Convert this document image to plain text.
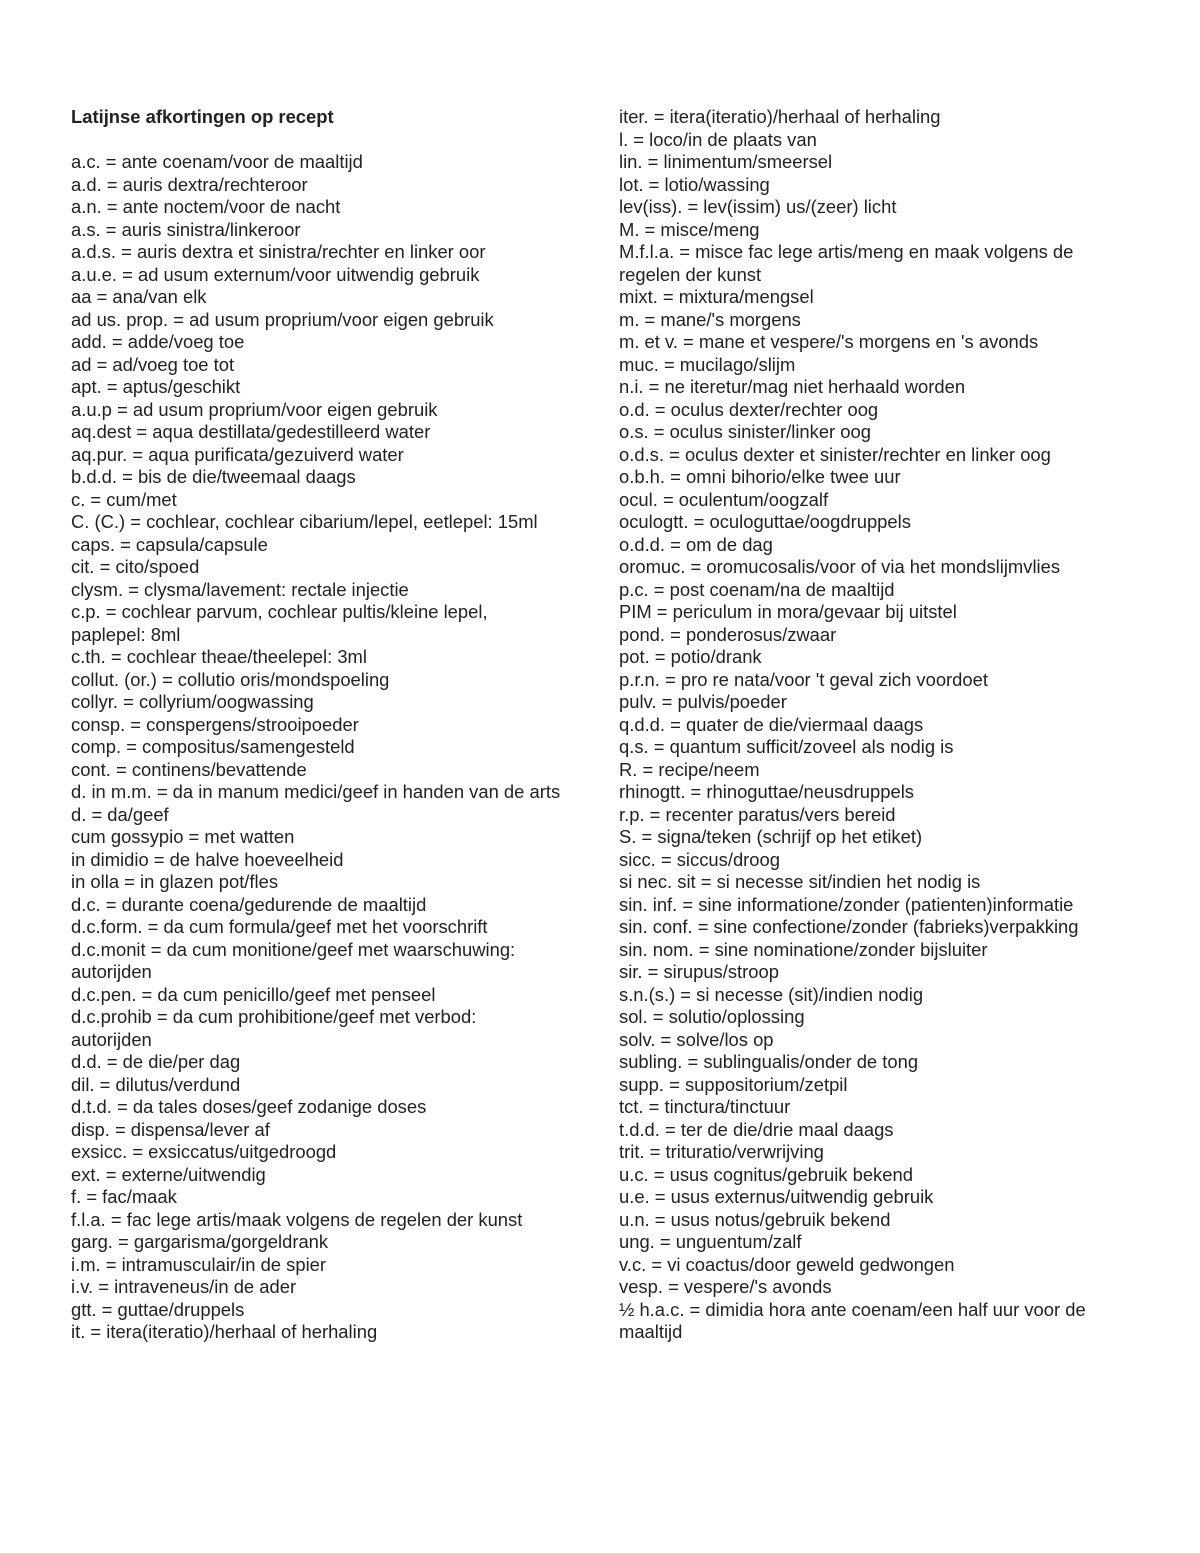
Latijnse afkortingen op recept

a.c. = ante coenam/voor de maaltijd

a.d. = auris dextra/rechteroor

a.n. = ante noctem/voor de nacht

a.s. = auris sinistra/linkeroor

a.d.s. = auris dextra et sinistra/rechter en linker oor

a.u.e. = ad usum externum/voor uitwendig gebruik

aa = ana/van elk

ad us. prop. = ad usum proprium/voor eigen gebruik

add. = adde/voeg toe

ad = ad/voeg toe tot

apt. = aptus/geschikt

a.u.p = ad usum proprium/voor eigen gebruik

aq.dest = aqua destillata/gedestilleerd water

aq.pur. = aqua purificata/gezuiverd water

b.d.d. = bis de die/tweemaal daags

c. = cum/met

C. (C.) = cochlear, cochlear cibarium/lepel, eetlepel: 15ml

caps. = capsula/capsule

cit. = cito/spoed

clysm. = clysma/lavement: rectale injectie

c.p. = cochlear parvum, cochlear pultis/kleine lepel, paplepel: 8ml

c.th. = cochlear theae/theelepel: 3ml

collut. (or.) = collutio oris/mondspoeling

collyr. = collyrium/oogwassing

consp. = conspergens/strooipoeder

comp. = compositus/samengesteld

cont. = continens/bevattende

d. in m.m. = da in manum medici/geef in handen van de arts

d. = da/geef

cum gossypio = met watten

in dimidio = de halve hoeveelheid

in olla = in glazen pot/fles

d.c. = durante coena/gedurende de maaltijd

d.c.form. = da cum formula/geef met het voorschrift

d.c.monit = da cum monitione/geef met waarschuwing: autorijden

d.c.pen. = da cum penicillo/geef met penseel

d.c.prohib = da cum prohibitione/geef met verbod: autorijden

d.d. = de die/per dag

dil. = dilutus/verdund

d.t.d. = da tales doses/geef zodanige doses

disp. = dispensa/lever af

exsicc. = exsiccatus/uitgedroogd

ext. = externe/uitwendig

f. = fac/maak

f.l.a. = fac lege artis/maak volgens de regelen der kunst

garg. = gargarisma/gorgeldrank

i.m. = intramusculair/in de spier

i.v. = intraveneus/in de ader

gtt. = guttae/druppels

it. = itera(iteratio)/herhaal of herhaling

iter. = itera(iteratio)/herhaal of herhaling

l. = loco/in de plaats van

lin. = linimentum/smeersel

lot. = lotio/wassing

lev(iss). = lev(issim) us/(zeer) licht

M. = misce/meng

M.f.l.a. = misce fac lege artis/meng en maak volgens de regelen der kunst

mixt. = mixtura/mengsel

m. = mane/'s morgens

m. et v. = mane et vespere/'s morgens en 's avonds

muc. = mucilago/slijm

n.i. = ne iteretur/mag niet herhaald worden

o.d. = oculus dexter/rechter oog

o.s. = oculus sinister/linker oog

o.d.s. = oculus dexter et sinister/rechter en linker oog

o.b.h. = omni bihorio/elke twee uur

ocul. = oculentum/oogzalf

oculogtt. = oculoguttae/oogdruppels

o.d.d. = om de dag

oromuc. = oromucosalis/voor of via het mondslijmvlies

p.c. = post coenam/na de maaltijd

PIM = periculum in mora/gevaar bij uitstel

pond. = ponderosus/zwaar

pot. = potio/drank

p.r.n. = pro re nata/voor 't geval zich voordoet

pulv. = pulvis/poeder

q.d.d. = quater de die/viermaal daags

q.s. = quantum sufficit/zoveel als nodig is

R. = recipe/neem

rhinogtt. = rhinoguttae/neusdruppels

r.p. = recenter paratus/vers bereid

S. = signa/teken (schrijf op het etiket)

sicc. = siccus/droog

si nec. sit = si necesse sit/indien het nodig is

sin. inf. = sine informatione/zonder (patienten)informatie

sin. conf. = sine confectione/zonder (fabrieks)verpakking

sin. nom. = sine nominatione/zonder bijsluiter

sir. = sirupus/stroop

s.n.(s.) = si necesse (sit)/indien nodig

sol. = solutio/oplossing

solv. = solve/los op

subling. = sublingualis/onder de tong

supp. = suppositorium/zetpil

tct. = tinctura/tinctuur

t.d.d. = ter de die/drie maal daags

trit. = trituratio/verwrijving

u.c. = usus cognitus/gebruik bekend

u.e. = usus externus/uitwendig gebruik

u.n. = usus notus/gebruik bekend

ung. = unguentum/zalf

v.c. = vi coactus/door geweld gedwongen

vesp. = vespere/'s avonds

½ h.a.c. = dimidia hora ante coenam/een half uur voor de maaltijd
